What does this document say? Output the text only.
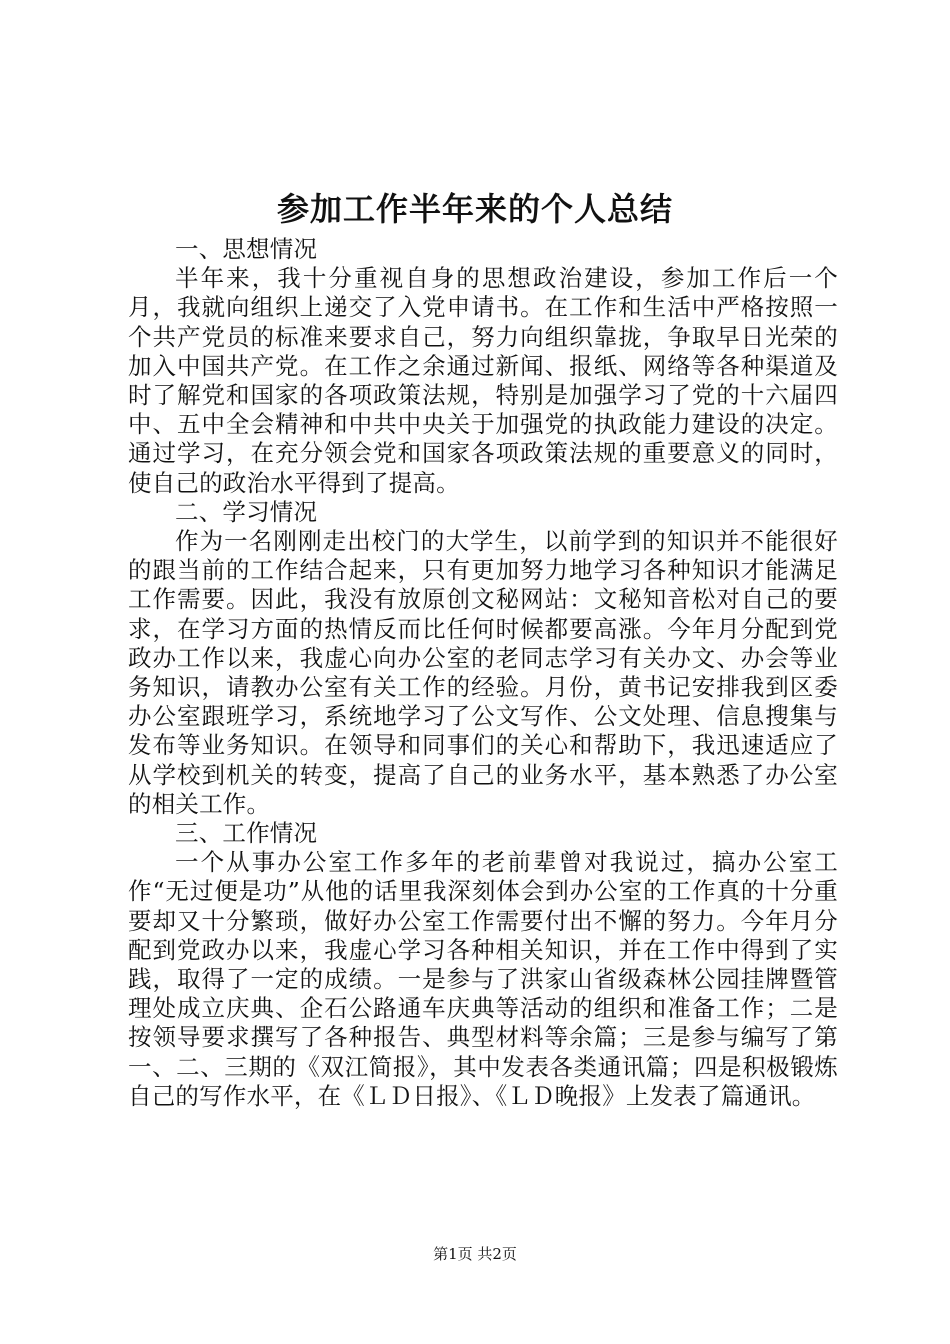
参加工作半年来的个人总结

一、思想情况

半年来，我十分重视自身的思想政治建设，参加工作后一个月，我就向组织上递交了入党申请书。在工作和生活中严格按照一个共产党员的标准来要求自己，努力向组织靠拢，争取早日光荣的加入中国共产党。在工作之余通过新闻、报纸、网络等各种渠道及时了解党和国家的各项政策法规，特别是加强学习了党的十六届四中、五中全会精神和中共中央关于加强党的执政能力建设的决定。通过学习，在充分领会党和国家各项政策法规的重要意义的同时，使自己的政治水平得到了提高。

二、学习情况

作为一名刚刚走出校门的大学生，以前学到的知识并不能很好的跟当前的工作结合起来，只有更加努力地学习各种知识才能满足工作需要。因此，我没有放原创文秘网站：文秘知音松对自己的要求，在学习方面的热情反而比任何时候都要高涨。今年月分配到党政办工作以来，我虚心向办公室的老同志学习有关办文、办会等业务知识，请教办公室有关工作的经验。月份，黄书记安排我到区委办公室跟班学习，系统地学习了公文写作、公文处理、信息搜集与发布等业务知识。在领导和同事们的关心和帮助下，我迅速适应了从学校到机关的转变，提高了自己的业务水平，基本熟悉了办公室的相关工作。

三、工作情况

一个从事办公室工作多年的老前辈曾对我说过，搞办公室工作“无过便是功”从他的话里我深刻体会到办公室的工作真的十分重要却又十分繁琐，做好办公室工作需要付出不懈的努力。今年月分配到党政办以来，我虚心学习各种相关知识，并在工作中得到了实践，取得了一定的成绩。一是参与了洪家山省级森林公园挂牌暨管理处成立庆典、企石公路通车庆典等活动的组织和准备工作；二是按领导要求撰写了各种报告、典型材料等余篇；三是参与编写了第一、二、三期的《双江简报》，其中发表各类通讯篇；四是积极锻炼自己的写作水平，在《ＬＤ日报》、《ＬＤ晚报》上发表了篇通讯。

第1页 共2页
